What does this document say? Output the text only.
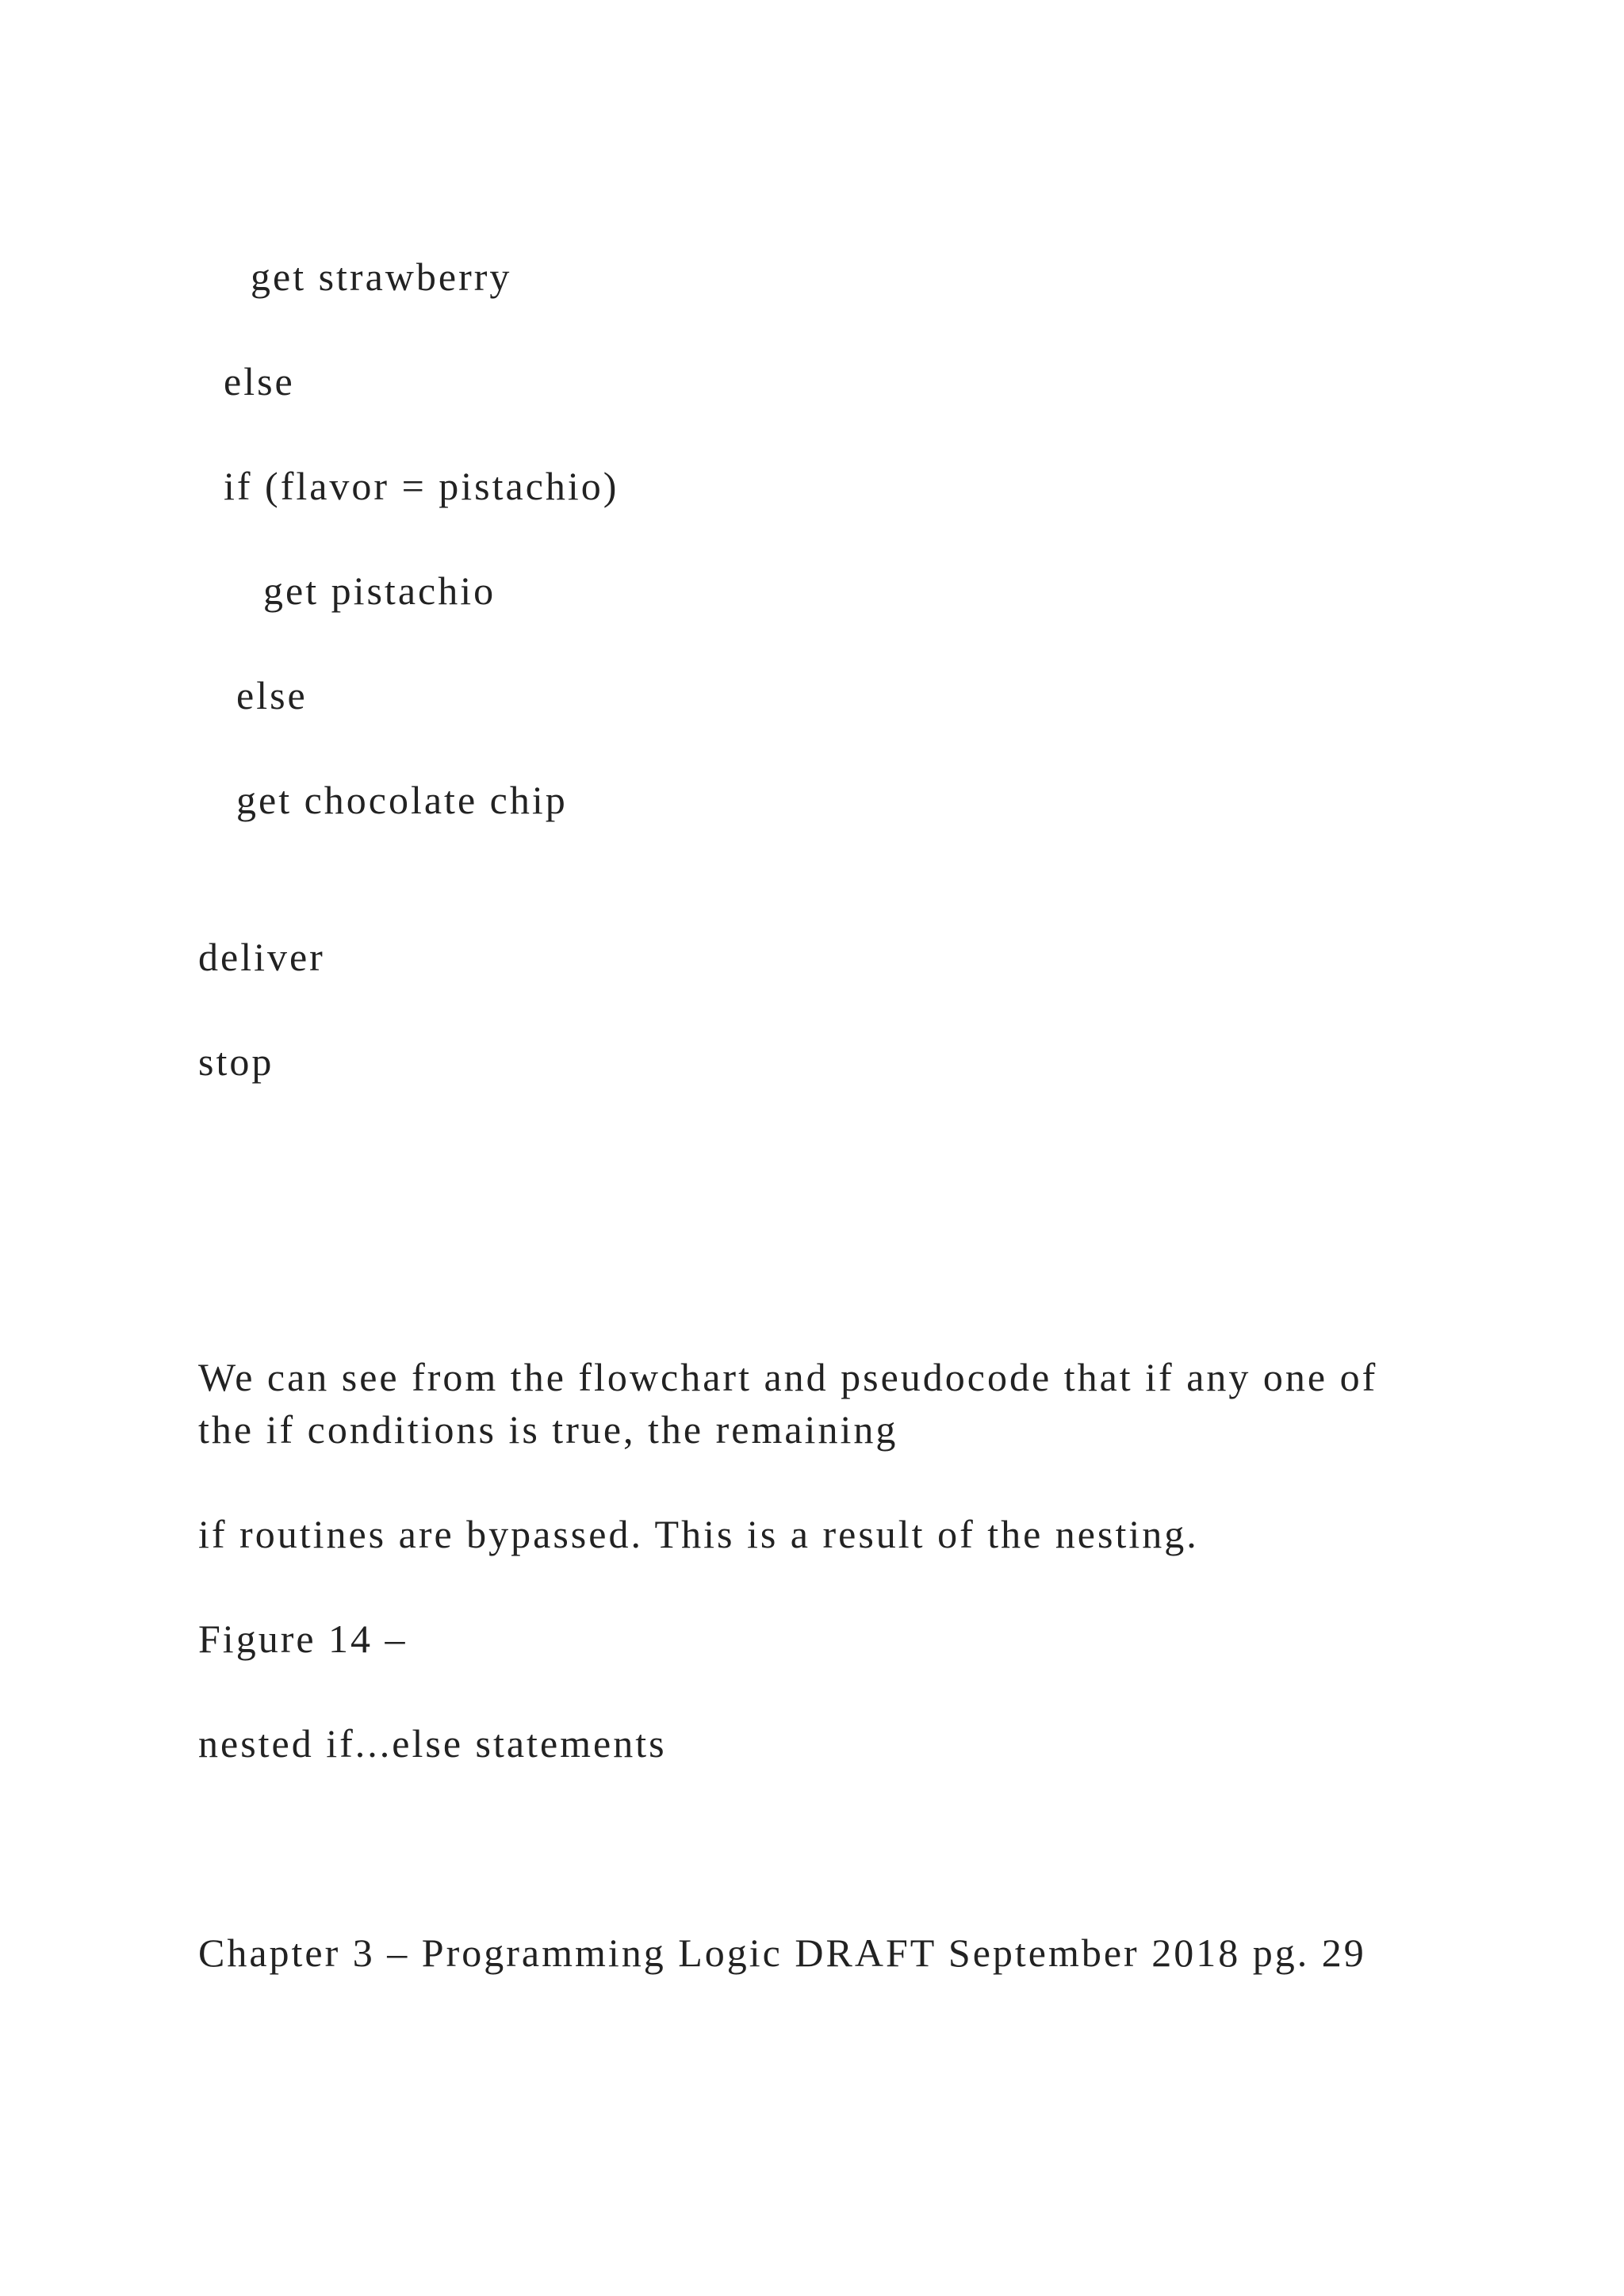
get strawberry

else

if (flavor = pistachio)

get pistachio

else

get chocolate chip

deliver

stop

We can see from the flowchart and pseudocode that if any one of the if conditions is true, the remaining

if routines are bypassed. This is a result of the nesting.

Figure 14 –

nested if...else statements

Chapter 3 – Programming Logic DRAFT September 2018 pg. 29
